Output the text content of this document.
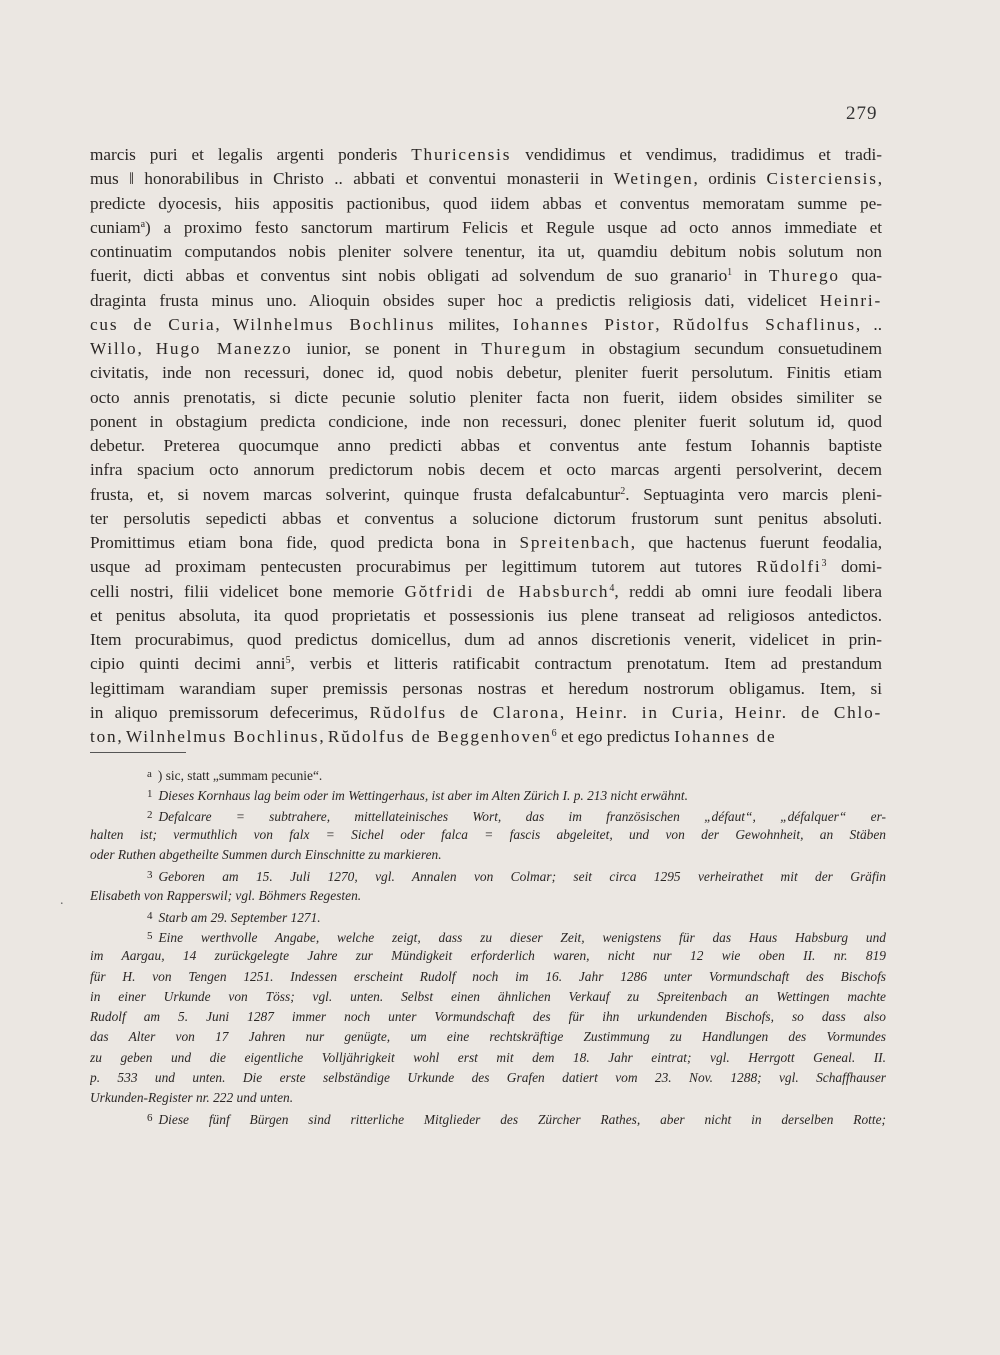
279
marcis puri et legalis argenti ponderis Thuricensis vendidimus et vendimus, tradidimus et tradi-
mus ‖ honorabilibus in Christo .. abbati et conventui monasterii in Wetingen, ordinis Cisterciensis,
predicte dyocesis, hiis appositis pactionibus, quod iidem abbas et conventus memoratam summe pe-
cuniam$^a$) a proximo festo sanctorum martirum Felicis et Regule usque ad octo annos immediate et
continuatim computandos nobis pleniter solvere tenentur, ita ut, quamdiu debitum nobis solutum non
fuerit, dicti abbas et conventus sint nobis obligati ad solvendum de suo granario$^1$ in Thurego qua-
draginta frusta minus uno. Alioquin obsides super hoc a predictis religiosis dati, videlicet Heinri-
cus de Curia, Wilnhelmus Bochlinus milites, Iohannes Pistor, Rŭdolfus Schaflinus, ..
Willo, Hugo Manezzo iunior, se ponent in Thuregum in obstagium secundum consuetudinem
civitatis, inde non recessuri, donec id, quod nobis debetur, pleniter fuerit persolutum. Finitis etiam
octo annis prenotatis, si dicte pecunie solutio pleniter facta non fuerit, iidem obsides similiter se
ponent in obstagium predicta condicione, inde non recessuri, donec pleniter fuerit solutum id, quod
debetur. Preterea quocumque anno predicti abbas et conventus ante festum Iohannis baptiste
infra spacium octo annorum predictorum nobis decem et octo marcas argenti persolverint, decem
frusta, et, si novem marcas solverint, quinque frusta defalcabuntur$^2$. Septuaginta vero marcis pleni-
ter persolutis sepedicti abbas et conventus a solucione dictorum frustorum sunt penitus absoluti.
Promittimus etiam bona fide, quod predicta bona in Spreitenbach, que hactenus fuerunt feodalia,
usque ad proximam pentecusten procurabimus per legittimum tutorem aut tutores Rŭdolfi$^3$ domi-
celli nostri, filii videlicet bone memorie Gŏtfridi de Habsburch$^4$, reddi ab omni iure feodali libera
et penitus absoluta, ita quod proprietatis et possessionis ius plene transeat ad religiosos antedictos.
Item procurabimus, quod predictus domicellus, dum ad annos discretionis venerit, videlicet in prin-
cipio quinti decimi anni$^5$, verbis et litteris ratificabit contractum prenotatum. Item ad prestandum
legittimam warandiam super premissis personas nostras et heredum nostrorum obligamus. Item, si
in aliquo premissorum defecerimus, Rŭdolfus de Clarona, Heinr. in Curia, Heinr. de Chlo-
ton, Wilnhelmus Bochlinus, Rŭdolfus de Beggenhoven$^6$ et ego predictus Iohannes de
$^a$ ) sic, statt „summam pecunie“.
$^1$ Dieses Kornhaus lag beim oder im Wettingerhaus, ist aber im Alten Zürich I. p. 213 nicht erwähnt.
$^2$ Defalcare = subtrahere, mittellateinisches Wort, das im französischen „défaut“, „défalquer“ er-
halten ist; vermuthlich von falx = Sichel oder falca = fascis abgeleitet, und von der Gewohnheit, an Stäben
oder Ruthen abgetheilte Summen durch Einschnitte zu markieren.
$^3$ Geboren am 15. Juli 1270, vgl. Annalen von Colmar; seit circa 1295 verheirathet mit der Gräfin
Elisabeth von Rapperswil; vgl. Böhmers Regesten.
$^4$ Starb am 29. September 1271.
$^5$ Eine werthvolle Angabe, welche zeigt, dass zu dieser Zeit, wenigstens für das Haus Habsburg und
im Aargau, 14 zurückgelegte Jahre zur Mündigkeit erforderlich waren, nicht nur 12 wie oben II. nr. 819
für H. von Tengen 1251. Indessen erscheint Rudolf noch im 16. Jahr 1286 unter Vormundschaft des Bischofs
in einer Urkunde von Töss; vgl. unten. Selbst einen ähnlichen Verkauf zu Spreitenbach an Wettingen machte
Rudolf am 5. Juni 1287 immer noch unter Vormundschaft des für ihn urkundenden Bischofs, so dass also
das Alter von 17 Jahren nur genügte, um eine rechtskräftige Zustimmung zu Handlungen des Vormundes
zu geben und die eigentliche Volljährigkeit wohl erst mit dem 18. Jahr eintrat; vgl. Herrgott Geneal. II.
p. 533 und unten. Die erste selbständige Urkunde des Grafen datiert vom 23. Nov. 1288; vgl. Schaffhauser
Urkunden-Register nr. 222 und unten.
$^6$ Diese fünf Bürgen sind ritterliche Mitglieder des Zürcher Rathes, aber nicht in derselben Rotte;
.
